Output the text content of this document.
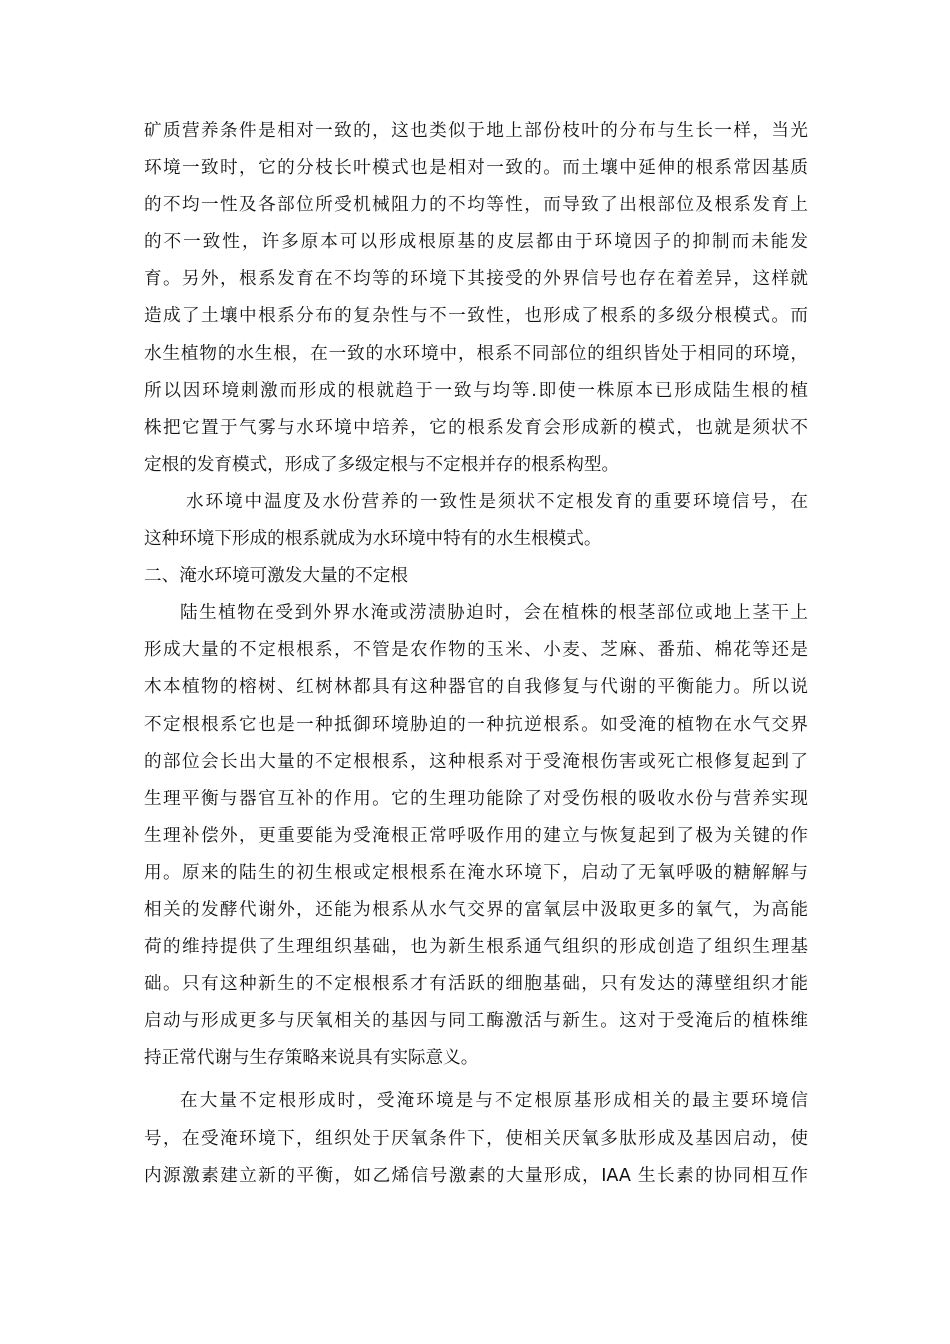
矿质营养条件是相对一致的，这也类似于地上部份枝叶的分布与生长一样，当光
环境一致时，它的分枝长叶模式也是相对一致的。而土壤中延伸的根系常因基质
的不均一性及各部位所受机械阻力的不均等性，而导致了出根部位及根系发育上
的不一致性，许多原本可以形成根原基的皮层都由于环境因子的抑制而未能发
育。另外，根系发育在不均等的环境下其接受的外界信号也存在着差异，这样就
造成了土壤中根系分布的复杂性与不一致性，也形成了根系的多级分根模式。而
水生植物的水生根，在一致的水环境中，根系不同部位的组织皆处于相同的环境，
所以因环境刺激而形成的根就趋于一致与均等.即使一株原本已形成陆生根的植
株把它置于气雾与水环境中培养，它的根系发育会形成新的模式，也就是须状不
定根的发育模式，形成了多级定根与不定根并存的根系构型。
水环境中温度及水份营养的一致性是须状不定根发育的重要环境信号，在
这种环境下形成的根系就成为水环境中特有的水生根模式。
二、淹水环境可激发大量的不定根
陆生植物在受到外界水淹或涝渍胁迫时，会在植株的根茎部位或地上茎干上
形成大量的不定根根系，不管是农作物的玉米、小麦、芝麻、番茄、棉花等还是
木本植物的榕树、红树林都具有这种器官的自我修复与代谢的平衡能力。所以说
不定根根系它也是一种抵御环境胁迫的一种抗逆根系。如受淹的植物在水气交界
的部位会长出大量的不定根根系，这种根系对于受淹根伤害或死亡根修复起到了
生理平衡与器官互补的作用。它的生理功能除了对受伤根的吸收水份与营养实现
生理补偿外，更重要能为受淹根正常呼吸作用的建立与恢复起到了极为关键的作
用。原来的陆生的初生根或定根根系在淹水环境下，启动了无氧呼吸的糖解解与
相关的发酵代谢外，还能为根系从水气交界的富氧层中汲取更多的氧气，为高能
荷的维持提供了生理组织基础，也为新生根系通气组织的形成创造了组织生理基
础。只有这种新生的不定根根系才有活跃的细胞基础，只有发达的薄壁组织才能
启动与形成更多与厌氧相关的基因与同工酶激活与新生。这对于受淹后的植株维
持正常代谢与生存策略来说具有实际意义。
在大量不定根形成时，受淹环境是与不定根原基形成相关的最主要环境信
号，在受淹环境下，组织处于厌氧条件下，使相关厌氧多肽形成及基因启动，使
内源激素建立新的平衡，如乙烯信号激素的大量形成，IAA 生长素的协同相互作
